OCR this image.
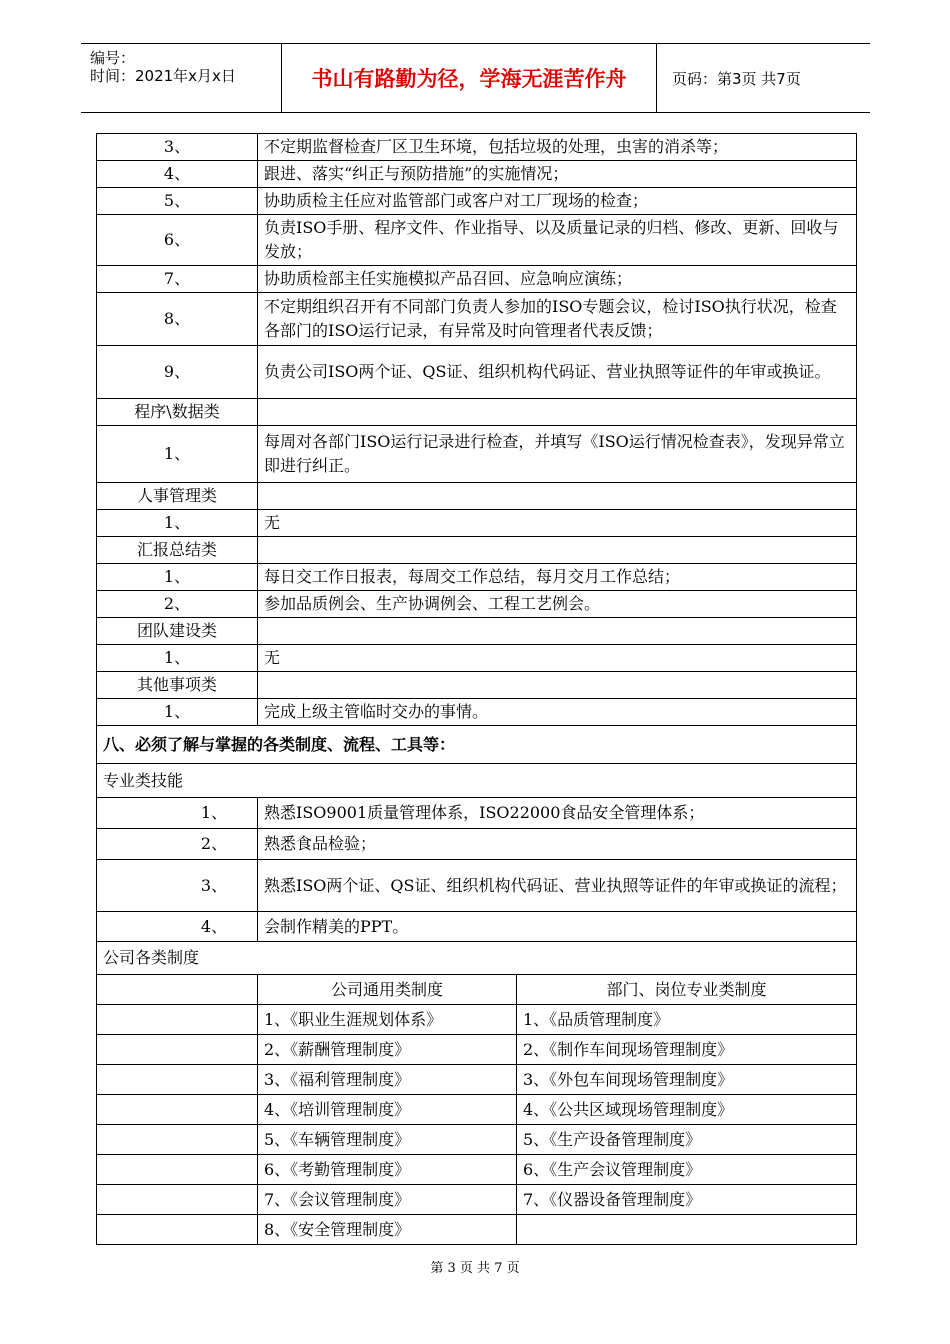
编号：
时间：2021年x月x日	书山有路勤为径，学海无涯苦作舟	页码：第3页 共7页
3、	不定期监督检查厂区卫生环境，包括垃圾的处理，虫害的消杀等；	
4、	跟进、落实“纠正与预防措施”的实施情况；	
5、	协助质检主任应对监管部门或客户对工厂现场的检查；	
6、	负责ISO手册、程序文件、作业指导、以及质量记录的归档、修改、更新、回收与发放；	
7、	协助质检部主任实施模拟产品召回、应急响应演练；	
8、	不定期组织召开有不同部门负责人参加的ISO专题会议，检讨ISO执行状况，检查各部门的ISO运行记录，有异常及时向管理者代表反馈；	
9、	负责公司ISO两个证、QS证、组织机构代码证、营业执照等证件的年审或换证。	
程序\数据类		
1、	每周对各部门ISO运行记录进行检查，并填写《ISO运行情况检查表》，发现异常立即进行纠正。	
人事管理类		
1、	无	
汇报总结类		
1、	每日交工作日报表，每周交工作总结，每月交月工作总结；	
2、	参加品质例会、生产协调例会、工程工艺例会。	
团队建设类		
1、	无	
其他事项类		
1、	完成上级主管临时交办的事情。	
八、必须了解与掌握的各类制度、流程、工具等：		
专业类技能		
1、	熟悉ISO9001质量管理体系，ISO22000食品安全管理体系；	
2、	熟悉食品检验；	
3、	熟悉ISO两个证、QS证、组织机构代码证、营业执照等证件的年审或换证的流程；	
4、	会制作精美的PPT。	
公司各类制度		
	公司通用类制度	部门、岗位专业类制度
	1、《职业生涯规划体系》	1、《品质管理制度》
	2、《薪酬管理制度》	2、《制作车间现场管理制度》
	3、《福利管理制度》	3、《外包车间现场管理制度》
	4、《培训管理制度》	4、《公共区域现场管理制度》
	5、《车辆管理制度》	5、《生产设备管理制度》
	6、《考勤管理制度》	6、《生产会议管理制度》
	7、《会议管理制度》	7、《仪器设备管理制度》
	8、《安全管理制度》	
第 3 页 共 7 页
